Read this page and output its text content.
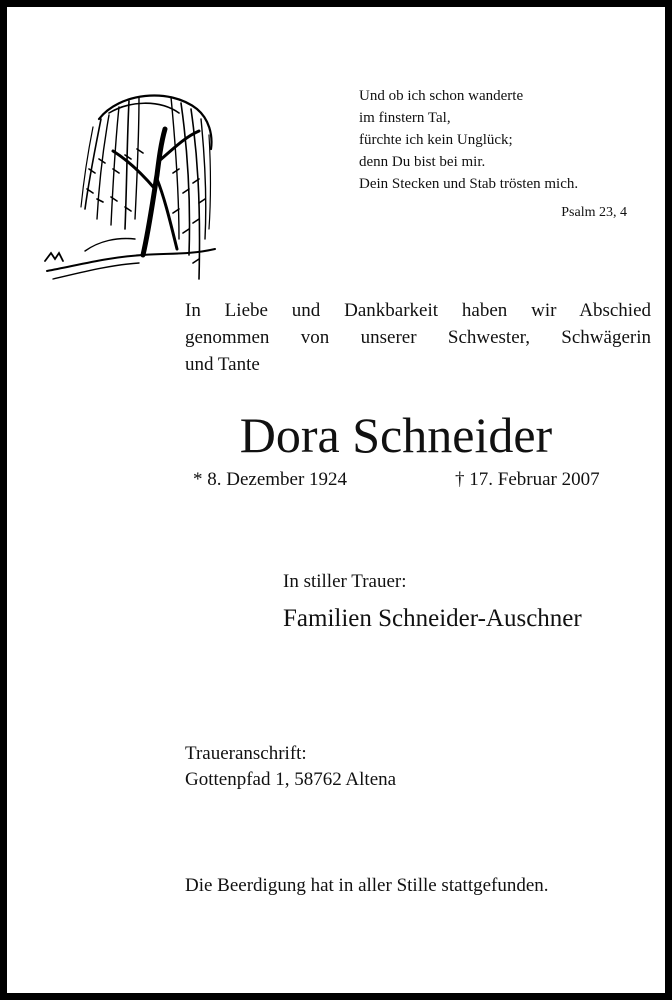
Und ob ich schon wanderte
im finstern Tal,
fürchte ich kein Unglück;
denn Du bist bei mir.
Dein Stecken und Stab trösten mich.
Psalm 23, 4
In Liebe und Dankbarkeit haben wir Abschied
genommen von unserer Schwester, Schwägerin
und Tante
Dora Schneider
* 8. Dezember 1924	† 17. Februar 2007
In stiller Trauer:
Familien Schneider-Auschner
Traueranschrift:
Gottenpfad 1, 58762 Altena
Die Beerdigung hat in aller Stille stattgefunden.
